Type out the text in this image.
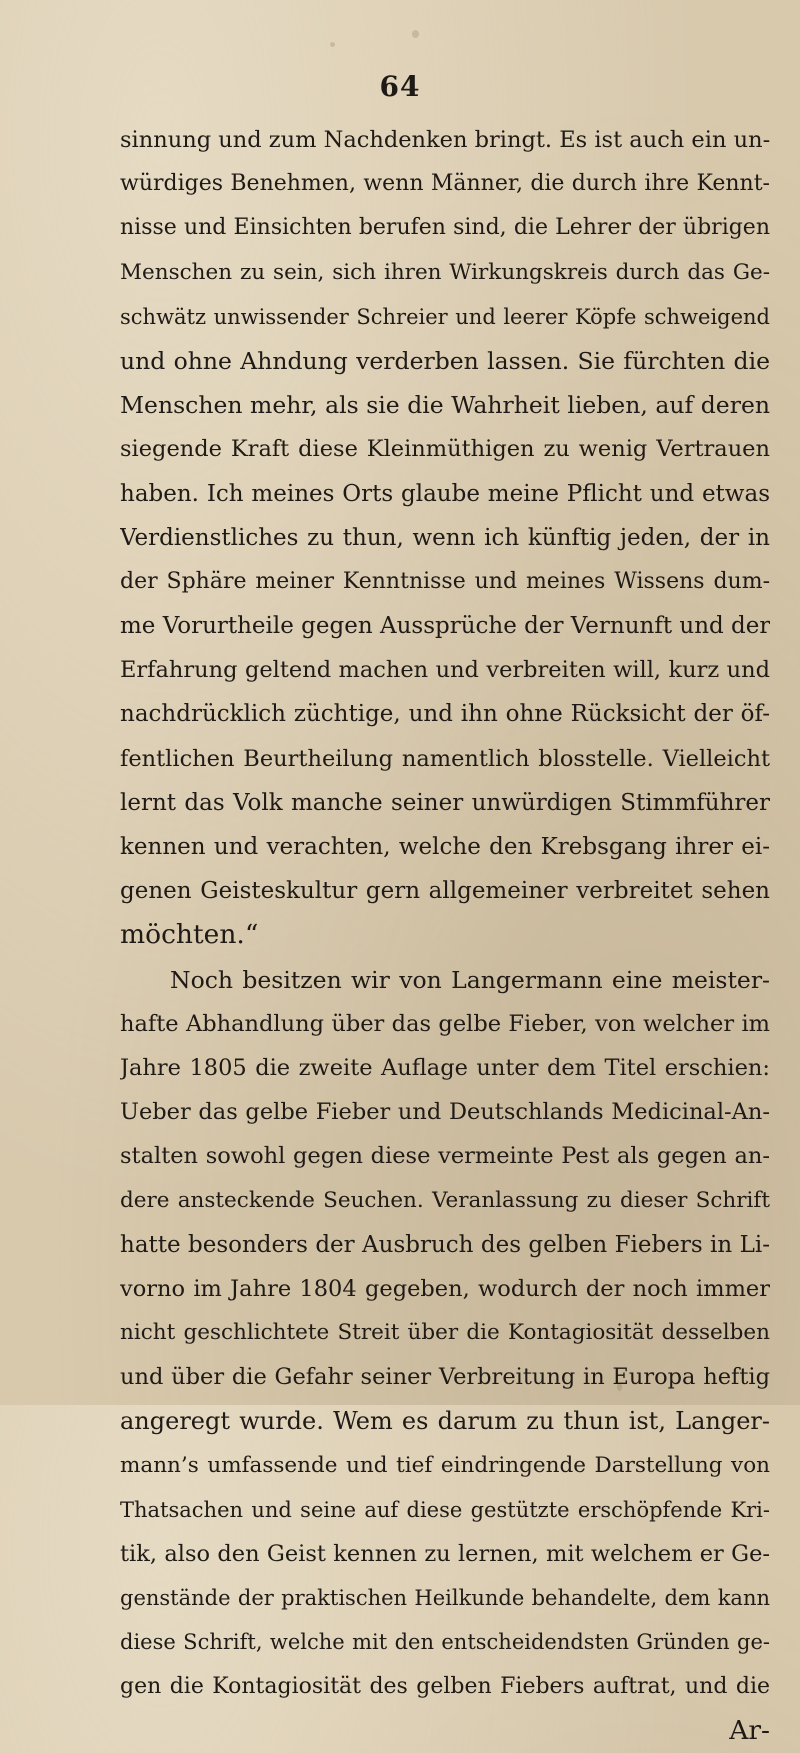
64
sinnung und zum Nachdenken bringt. Es ist auch ein un-
würdiges Benehmen, wenn Männer, die durch ihre Kennt-
nisse und Einsichten berufen sind, die Lehrer der übrigen
Menschen zu sein, sich ihren Wirkungskreis durch das Ge-
schwätz unwissender Schreier und leerer Köpfe schweigend
und ohne Ahndung verderben lassen. Sie fürchten die
Menschen mehr, als sie die Wahrheit lieben, auf deren
siegende Kraft diese Kleinmüthigen zu wenig Vertrauen
haben. Ich meines Orts glaube meine Pflicht und etwas
Verdienstliches zu thun, wenn ich künftig jeden, der in
der Sphäre meiner Kenntnisse und meines Wissens dum-
me Vorurtheile gegen Aussprüche der Vernunft und der
Erfahrung geltend machen und verbreiten will, kurz und
nachdrücklich züchtige, und ihn ohne Rücksicht der öf-
fentlichen Beurtheilung namentlich blosstelle. Vielleicht
lernt das Volk manche seiner unwürdigen Stimmführer
kennen und verachten, welche den Krebsgang ihrer ei-
genen Geisteskultur gern allgemeiner verbreitet sehen
möchten.“
Noch besitzen wir von Langermann eine meister-
hafte Abhandlung über das gelbe Fieber, von welcher im
Jahre 1805 die zweite Auflage unter dem Titel erschien:
Ueber das gelbe Fieber und Deutschlands Medicinal-An-
stalten sowohl gegen diese vermeinte Pest als gegen an-
dere ansteckende Seuchen. Veranlassung zu dieser Schrift
hatte besonders der Ausbruch des gelben Fiebers in Li-
vorno im Jahre 1804 gegeben, wodurch der noch immer
nicht geschlichtete Streit über die Kontagiosität desselben
und über die Gefahr seiner Verbreitung in Europa heftig
angeregt wurde. Wem es darum zu thun ist, Langer-
mann’s umfassende und tief eindringende Darstellung von
Thatsachen und seine auf diese gestützte erschöpfende Kri-
tik, also den Geist kennen zu lernen, mit welchem er Ge-
genstände der praktischen Heilkunde behandelte, dem kann
diese Schrift, welche mit den entscheidendsten Gründen ge-
gen die Kontagiosität des gelben Fiebers auftrat, und die
Ar-
